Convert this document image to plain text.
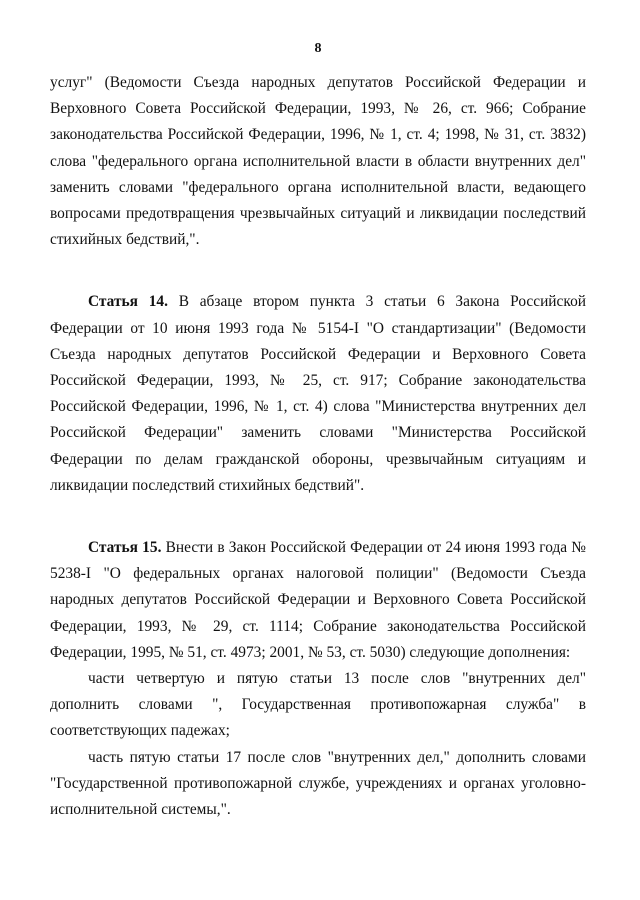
8

услуг" (Ведомости Съезда народных депутатов Российской Федерации и Верховного Совета Российской Федерации, 1993, № 26, ст. 966; Собрание законодательства Российской Федерации, 1996, № 1, ст. 4; 1998, № 31, ст. 3832) слова "федерального органа исполнительной власти в области внутренних дел" заменить словами "федерального органа исполнительной власти, ведающего вопросами предотвращения чрезвычайных ситуаций и ликвидации последствий стихийных бедствий,".

Статья 14. В абзаце втором пункта 3 статьи 6 Закона Российской Федерации от 10 июня 1993 года № 5154-I "О стандартизации" (Ведомости Съезда народных депутатов Российской Федерации и Верховного Совета Российской Федерации, 1993, № 25, ст. 917; Собрание законодательства Российской Федерации, 1996, № 1, ст. 4) слова "Министерства внутренних дел Российской Федерации" заменить словами "Министерства Российской Федерации по делам гражданской обороны, чрезвычайным ситуациям и ликвидации последствий стихийных бедствий".

Статья 15. Внести в Закон Российской Федерации от 24 июня 1993 года № 5238-I "О федеральных органах налоговой полиции" (Ведомости Съезда народных депутатов Российской Федерации и Верховного Совета Российской Федерации, 1993, № 29, ст. 1114; Собрание законодательства Российской Федерации, 1995, № 51, ст. 4973; 2001, № 53, ст. 5030) следующие дополнения:

части четвертую и пятую статьи 13 после слов "внутренних дел" дополнить словами ", Государственная противопожарная служба" в соответствующих падежах;

часть пятую статьи 17 после слов "внутренних дел," дополнить словами "Государственной противопожарной службе, учреждениях и органах уголовно-исполнительной системы,".
